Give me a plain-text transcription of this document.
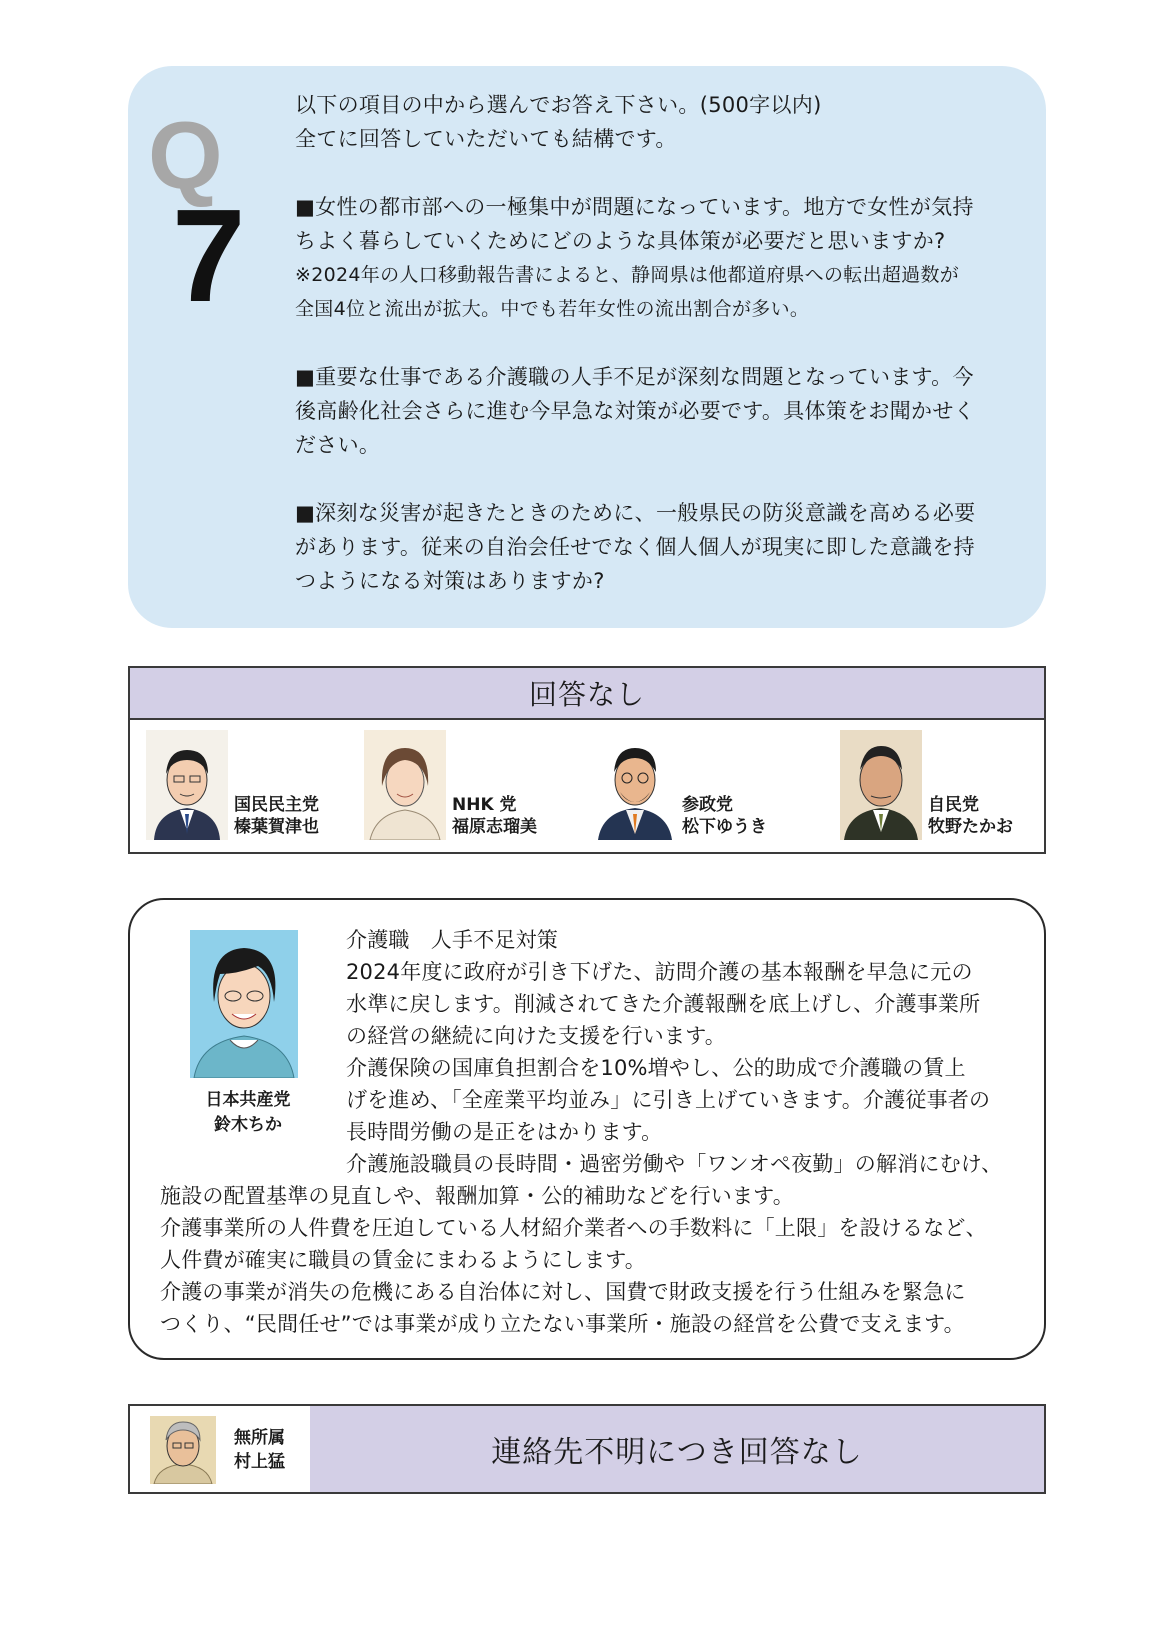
Q
7

以下の項目の中から選んでお答え下さい。(500字以内)

全てに回答していただいても結構です。

■女性の都市部への一極集中が問題になっています。地方で女性が気持

ちよく暮らしていくためにどのような具体策が必要だと思いますか?

※2024年の人口移動報告書によると、静岡県は他都道府県への転出超過数が

全国4位と流出が拡大。中でも若年女性の流出割合が多い。

■重要な仕事である介護職の人手不足が深刻な問題となっています。今

後高齢化社会さらに進む今早急な対策が必要です。具体策をお聞かせく

ださい。

■深刻な災害が起きたときのために、一般県民の防災意識を高める必要

があります。従来の自治会任せでなく個人個人が現実に即した意識を持

つようになる対策はありますか?

回答なし
国民民主党
榛葉賀津也
NHK 党
福原志瑠美
参政党
松下ゆうき
自民党
牧野たかお
日本共産党
鈴木ちか
介護職　人手不足対策

2024年度に政府が引き下げた、訪問介護の基本報酬を早急に元の

水準に戻します。削減されてきた介護報酬を底上げし、介護事業所

の経営の継続に向けた支援を行います。

介護保険の国庫負担割合を10%増やし、公的助成で介護職の賃上

げを進め、「全産業平均並み」に引き上げていきます。介護従事者の

長時間労働の是正をはかります。

介護施設職員の長時間・過密労働や「ワンオペ夜勤」の解消にむけ、

施設の配置基準の見直しや、報酬加算・公的補助などを行います。

介護事業所の人件費を圧迫している人材紹介業者への手数料に「上限」を設けるなど、

人件費が確実に職員の賃金にまわるようにします。

介護の事業が消失の危機にある自治体に対し、国費で財政支援を行う仕組みを緊急に

つくり、“民間任せ”では事業が成り立たない事業所・施設の経営を公費で支えます。

無所属
村上猛	連絡先不明につき回答なし
